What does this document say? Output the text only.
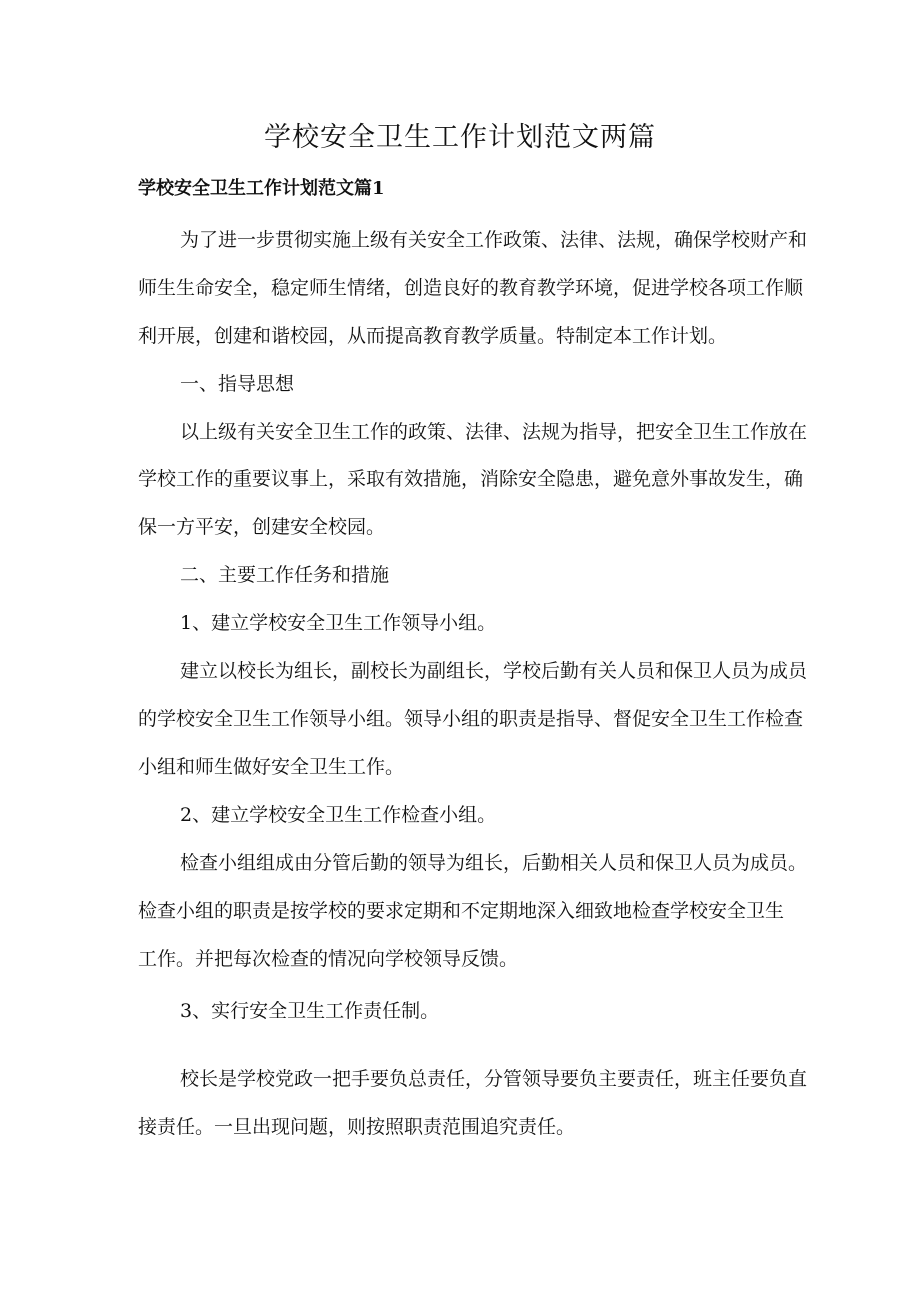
学校安全卫生工作计划范文两篇
学校安全卫生工作计划范文篇1
为了进一步贯彻实施上级有关安全工作政策、法律、法规，确保学校财产和
师生生命安全，稳定师生情绪，创造良好的教育教学环境，促进学校各项工作顺
利开展，创建和谐校园，从而提高教育教学质量。特制定本工作计划。
一、指导思想
以上级有关安全卫生工作的政策、法律、法规为指导，把安全卫生工作放在
学校工作的重要议事上，采取有效措施，消除安全隐患，避免意外事故发生，确
保一方平安，创建安全校园。
二、主要工作任务和措施
1、建立学校安全卫生工作领导小组。
建立以校长为组长，副校长为副组长，学校后勤有关人员和保卫人员为成员
的学校安全卫生工作领导小组。领导小组的职责是指导、督促安全卫生工作检查
小组和师生做好安全卫生工作。
2、建立学校安全卫生工作检查小组。
检查小组组成由分管后勤的领导为组长，后勤相关人员和保卫人员为成员。
检查小组的职责是按学校的要求定期和不定期地深入细致地检查学校安全卫生
工作。并把每次检查的情况向学校领导反馈。
3、实行安全卫生工作责任制。
校长是学校党政一把手要负总责任，分管领导要负主要责任，班主任要负直
接责任。一旦出现问题，则按照职责范围追究责任。
